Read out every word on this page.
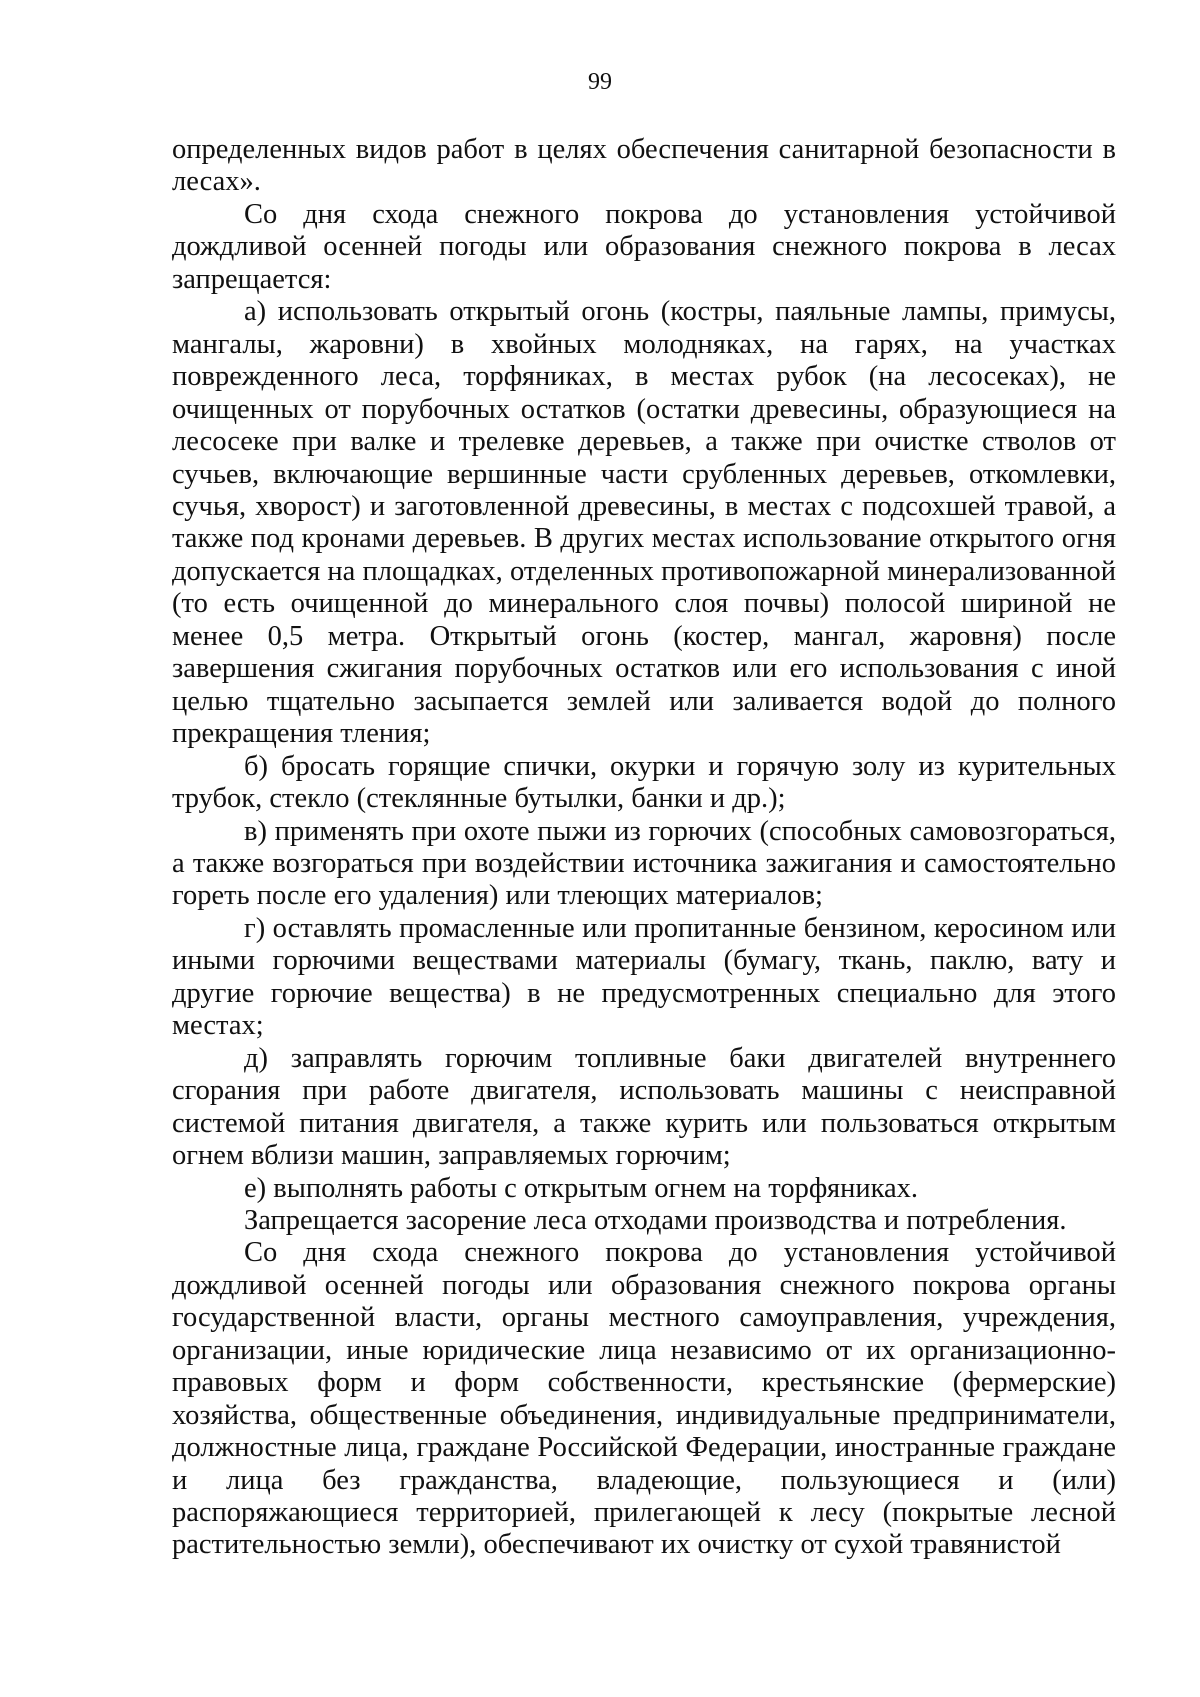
99

определенных видов работ в целях обеспечения санитарной безопасности в лесах».

Со дня схода снежного покрова до установления устойчивой дождливой осенней погоды или образования снежного покрова в лесах запрещается:

а) использовать открытый огонь (костры, паяльные лампы, примусы, мангалы, жаровни) в хвойных молодняках, на гарях, на участках поврежденного леса, торфяниках, в местах рубок (на лесосеках), не очищенных от порубочных остатков (остатки древесины, образующиеся на лесосеке при валке и трелевке деревьев, а также при очистке стволов от сучьев, включающие вершинные части срубленных деревьев, откомлевки, сучья, хворост) и заготовленной древесины, в местах с подсохшей травой, а также под кронами деревьев. В других местах использование открытого огня допускается на площадках, отделенных противопожарной минерализованной (то есть очищенной до минерального слоя почвы) полосой шириной не менее 0,5 метра. Открытый огонь (костер, мангал, жаровня) после завершения сжигания порубочных остатков или его использования с иной целью тщательно засыпается землей или заливается водой до полного прекращения тления;

б) бросать горящие спички, окурки и горячую золу из курительных трубок, стекло (стеклянные бутылки, банки и др.);

в) применять при охоте пыжи из горючих (способных самовозгораться, а также возгораться при воздействии источника зажигания и самостоятельно гореть после его удаления) или тлеющих материалов;

г) оставлять промасленные или пропитанные бензином, керосином или иными горючими веществами материалы (бумагу, ткань, паклю, вату и другие горючие вещества) в не предусмотренных специально для этого местах;

д) заправлять горючим топливные баки двигателей внутреннего сгорания при работе двигателя, использовать машины с неисправной системой питания двигателя, а также курить или пользоваться открытым огнем вблизи машин, заправляемых горючим;

е) выполнять работы с открытым огнем на торфяниках.

Запрещается засорение леса отходами производства и потребления.

Со дня схода снежного покрова до установления устойчивой дождливой осенней погоды или образования снежного покрова органы государственной власти, органы местного самоуправления, учреждения, организации, иные юридические лица независимо от их организационно-правовых форм и форм собственности, крестьянские (фермерские) хозяйства, общественные объединения, индивидуальные предприниматели, должностные лица, граждане Российской Федерации, иностранные граждане и лица без гражданства, владеющие, пользующиеся и (или) распоряжающиеся территорией, прилегающей к лесу (покрытые лесной растительностью земли), обеспечивают их очистку от сухой травянистой
